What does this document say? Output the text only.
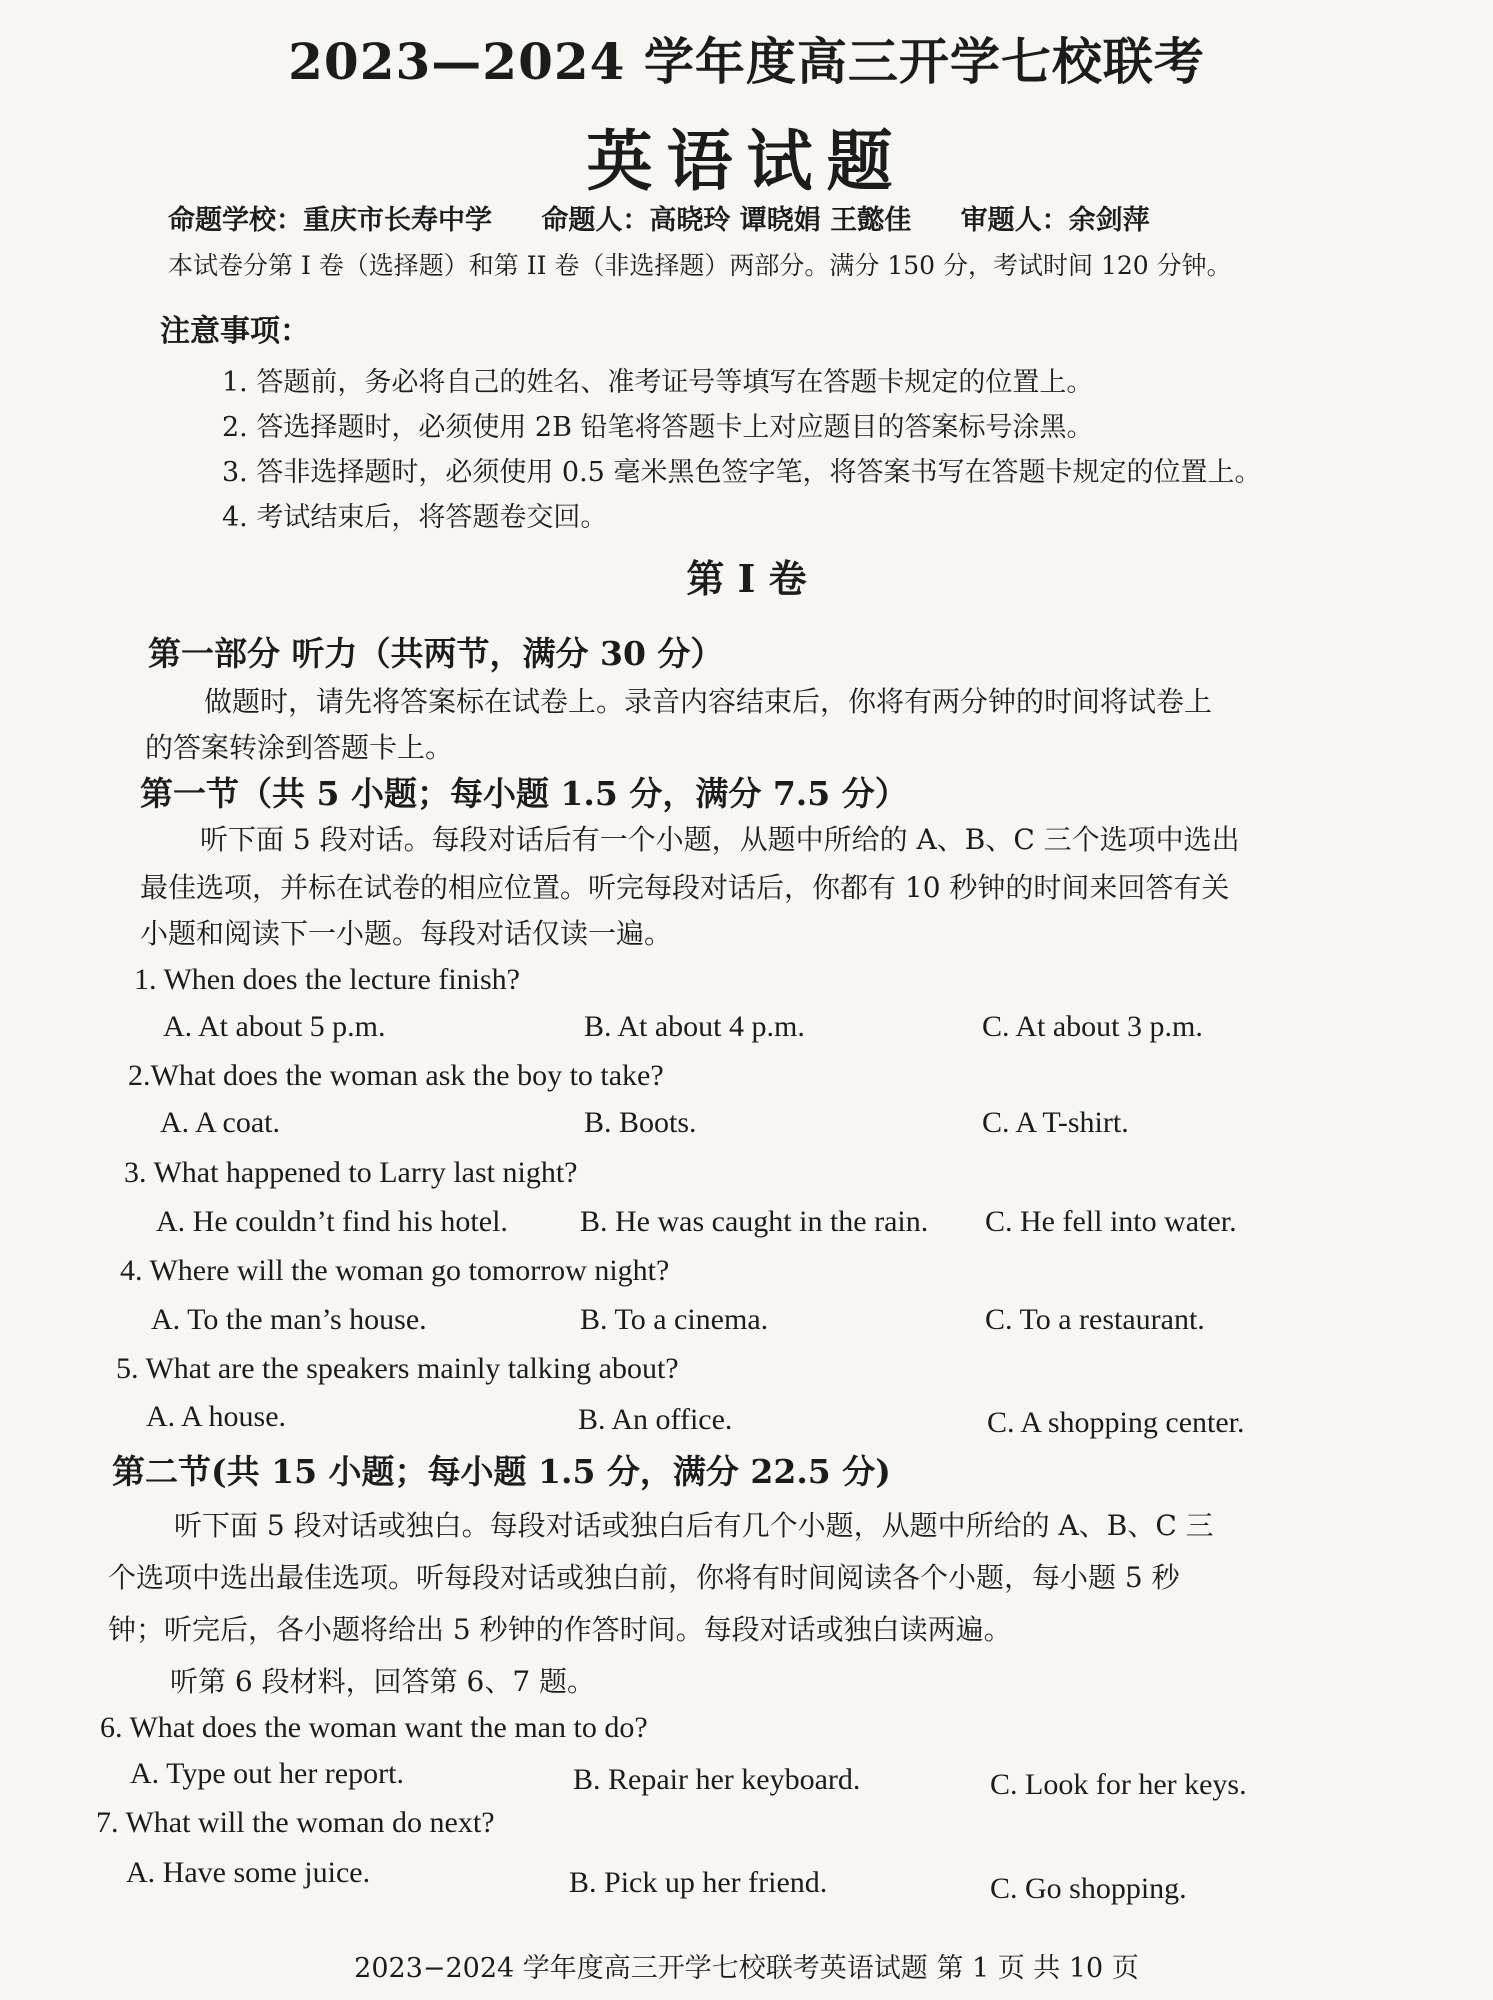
2023—2024 学年度高三开学七校联考
英语试题
命题学校：重庆市长寿中学 命题人：高晓玲 谭晓娟 王懿佳 审题人：余剑萍
本试卷分第 I 卷（选择题）和第 II 卷（非选择题）两部分。满分 150 分，考试时间 120 分钟。
注意事项：
1. 答题前，务必将自己的姓名、准考证号等填写在答题卡规定的位置上。
2. 答选择题时，必须使用 2B 铅笔将答题卡上对应题目的答案标号涂黑。
3. 答非选择题时，必须使用 0.5 毫米黑色签字笔，将答案书写在答题卡规定的位置上。
4. 考试结束后，将答题卷交回。
第 I 卷
第一部分 听力（共两节，满分 30 分）
做题时，请先将答案标在试卷上。录音内容结束后，你将有两分钟的时间将试卷上
的答案转涂到答题卡上。
第一节（共 5 小题；每小题 1.5 分，满分 7.5 分）
听下面 5 段对话。每段对话后有一个小题，从题中所给的 A、B、C 三个选项中选出
最佳选项，并标在试卷的相应位置。听完每段对话后，你都有 10 秒钟的时间来回答有关
小题和阅读下一小题。每段对话仅读一遍。
1. When does the lecture finish?
A. At about 5 p.m.	B. At about 4 p.m.	C. At about 3 p.m.
2.What does the woman ask the boy to take?
A. A coat.	B. Boots.	C. A T-shirt.
3. What happened to Larry last night?
A. He couldn’t find his hotel. B. He was caught in the rain. C. He fell into water.
4. Where will the woman go tomorrow night?
A. To the man’s house.	B. To a cinema.	C. To a restaurant.
5. What are the speakers mainly talking about?
A. A house.	B. An office.	C. A shopping center.
第二节(共 15 小题；每小题 1.5 分，满分 22.5 分)
听下面 5 段对话或独白。每段对话或独白后有几个小题，从题中所给的 A、B、C 三
个选项中选出最佳选项。听每段对话或独白前，你将有时间阅读各个小题，每小题 5 秒
钟；听完后，各小题将给出 5 秒钟的作答时间。每段对话或独白读两遍。
听第 6 段材料，回答第 6、7 题。
6. What does the woman want the man to do?
A. Type out her report.	B. Repair her keyboard.	C. Look for her keys.
7. What will the woman do next?
A. Have some juice.	B. Pick up her friend.	C. Go shopping.
2023−2024 学年度高三开学七校联考英语试题 第 1 页 共 10 页
